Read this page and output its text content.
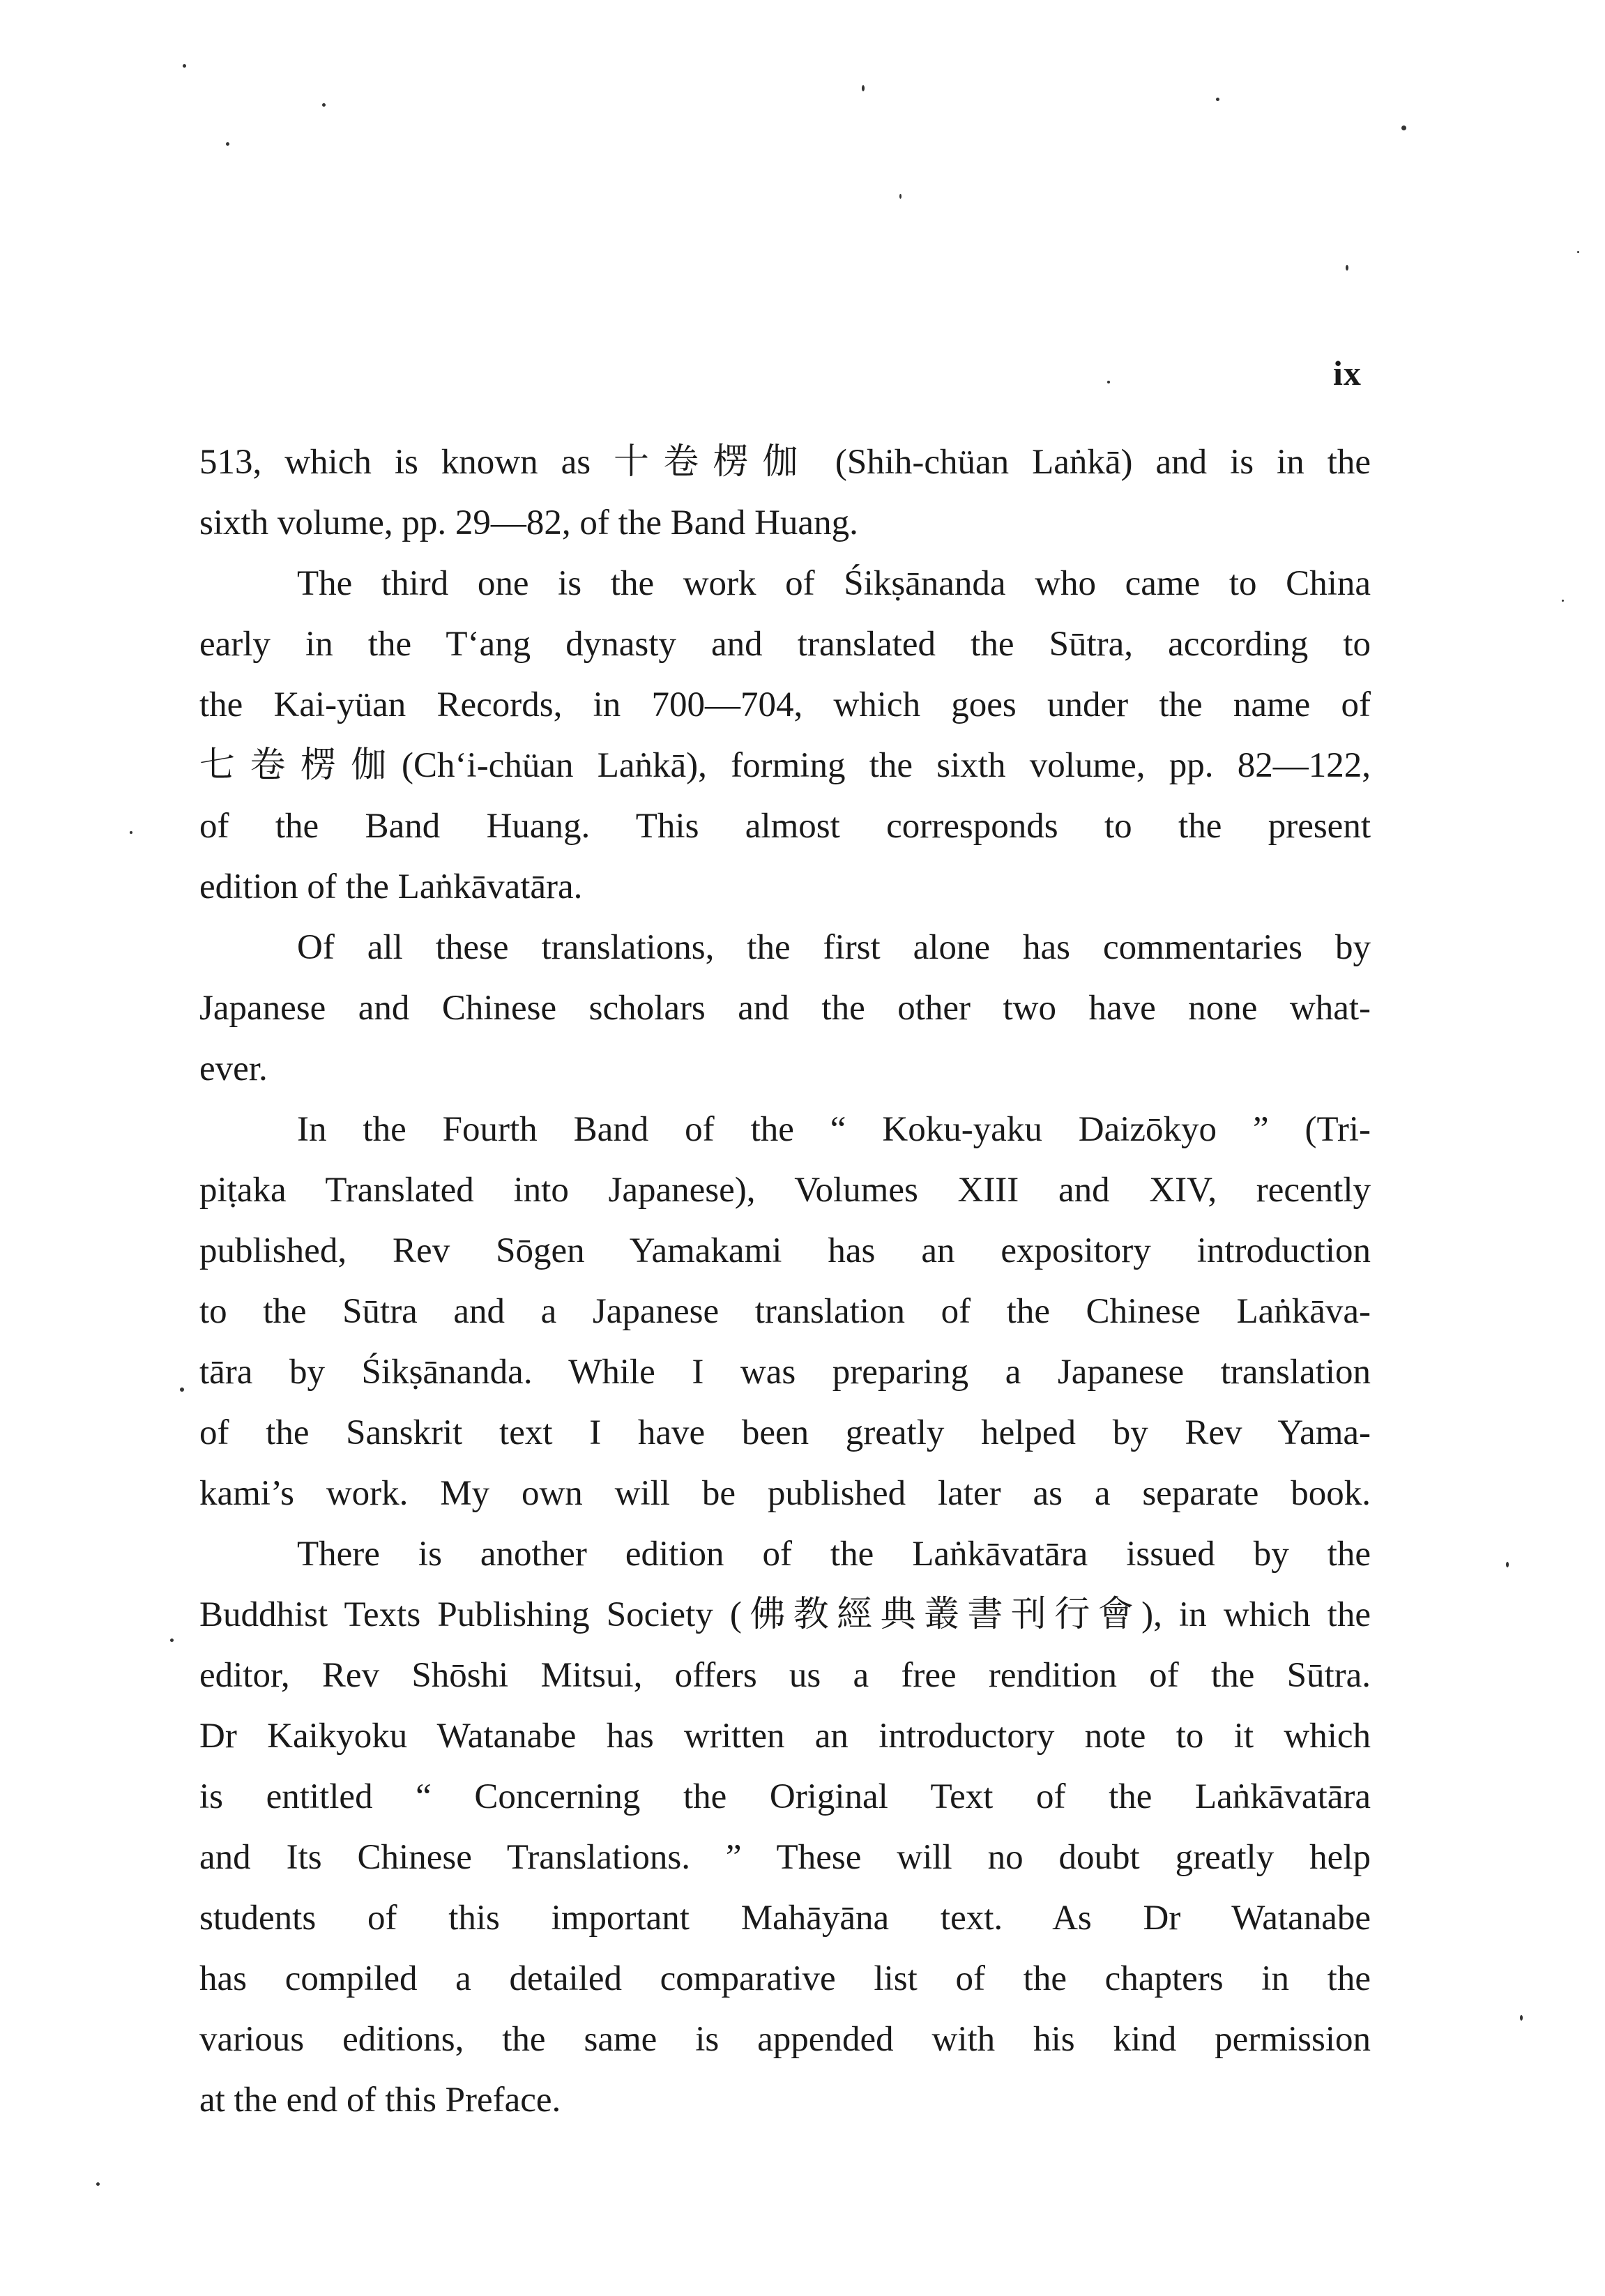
ix
513, which is known as 十卷楞伽 (Shih-chüan Laṅkā) and is in the
sixth volume, pp. 29—82, of the Band Huang.
The third one is the work of Śikṣānanda who came to China
early in the T‘ang dynasty and translated the Sūtra, according to
the Kai-yüan Records, in 700—704, which goes under the name of
七卷楞伽(Ch‘i-chüan Laṅkā), forming the sixth volume, pp. 82—122,
of the Band Huang. This almost corresponds to the present
edition of the Laṅkāvatāra.
Of all these translations, the first alone has commentaries by
Japanese and Chinese scholars and the other two have none what-
ever.
In the Fourth Band of the “ Koku-yaku Daizōkyo ” (Tri-
piṭaka Translated into Japanese), Volumes XIII and XIV, recently
published, Rev Sōgen Yamakami has an expository introduction
to the Sūtra and a Japanese translation of the Chinese Laṅkāva-
tāra by Śikṣānanda. While I was preparing a Japanese translation
of the Sanskrit text I have been greatly helped by Rev Yama-
kami’s work. My own will be published later as a separate book.
There is another edition of the Laṅkāvatāra issued by the
Buddhist Texts Publishing Society (佛教經典叢書刊行會), in which the
editor, Rev Shōshi Mitsui, offers us a free rendition of the Sūtra.
Dr Kaikyoku Watanabe has written an introductory note to it which
is entitled “ Concerning the Original Text of the Laṅkāvatāra
and Its Chinese Translations. ” These will no doubt greatly help
students of this important Mahāyāna text. As Dr Watanabe
has compiled a detailed comparative list of the chapters in the
various editions, the same is appended with his kind permission
at the end of this Preface.
